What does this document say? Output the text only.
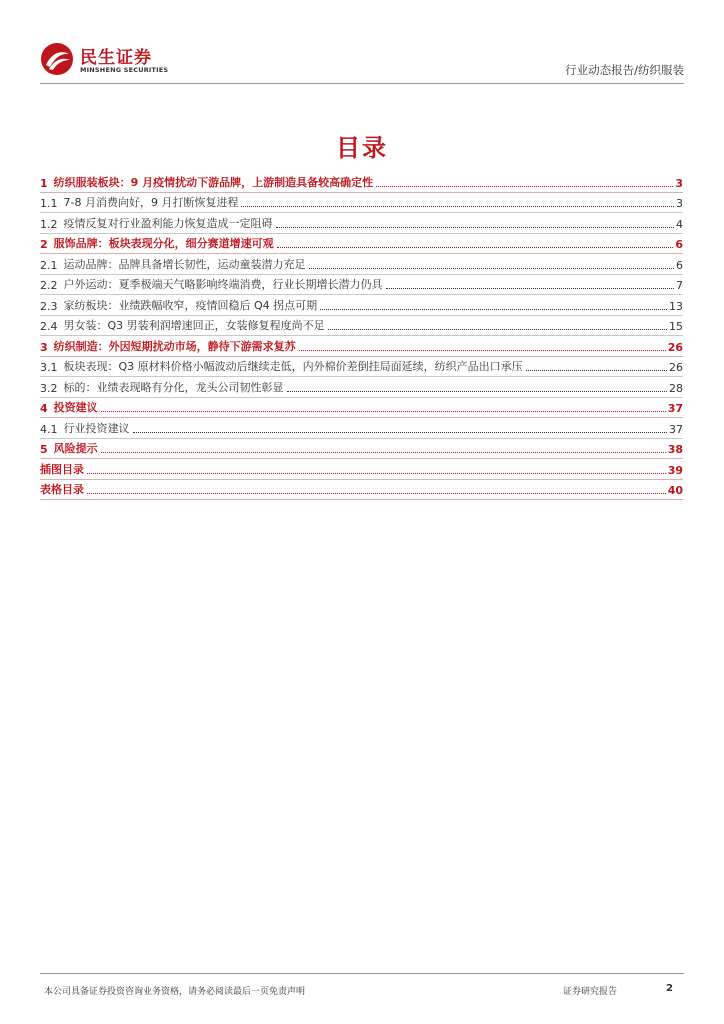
民生证券
MINSHENG SECURITIES	行业动态报告/纺织服装
目录
1 纺织服装板块：9 月疫情扰动下游品牌，上游制造具备较高确定性	3
1.1 7-8 月消费向好，9 月打断恢复进程	3
1.2 疫情反复对行业盈利能力恢复造成一定阻碍	4
2 服饰品牌：板块表现分化，细分赛道增速可观	6
2.1 运动品牌：品牌具备增长韧性，运动童装潜力充足	6
2.2 户外运动：夏季极端天气略影响终端消费，行业长期增长潜力仍具	7
2.3 家纺板块：业绩跌幅收窄，疫情回稳后 Q4 拐点可期	13
2.4 男女装：Q3 男装利润增速回正，女装修复程度尚不足	15
3 纺织制造：外因短期扰动市场，静待下游需求复苏	26
3.1 板块表现：Q3 原材料价格小幅波动后继续走低，内外棉价差倒挂局面延续，纺织产品出口承压	26
3.2 标的：业绩表现略有分化，龙头公司韧性彰显	28
4 投资建议	37
4.1 行业投资建议	37
5 风险提示	38
插图目录	39
表格目录	40
本公司具备证券投资咨询业务资格，请务必阅读最后一页免责声明	证券研究报告	2
